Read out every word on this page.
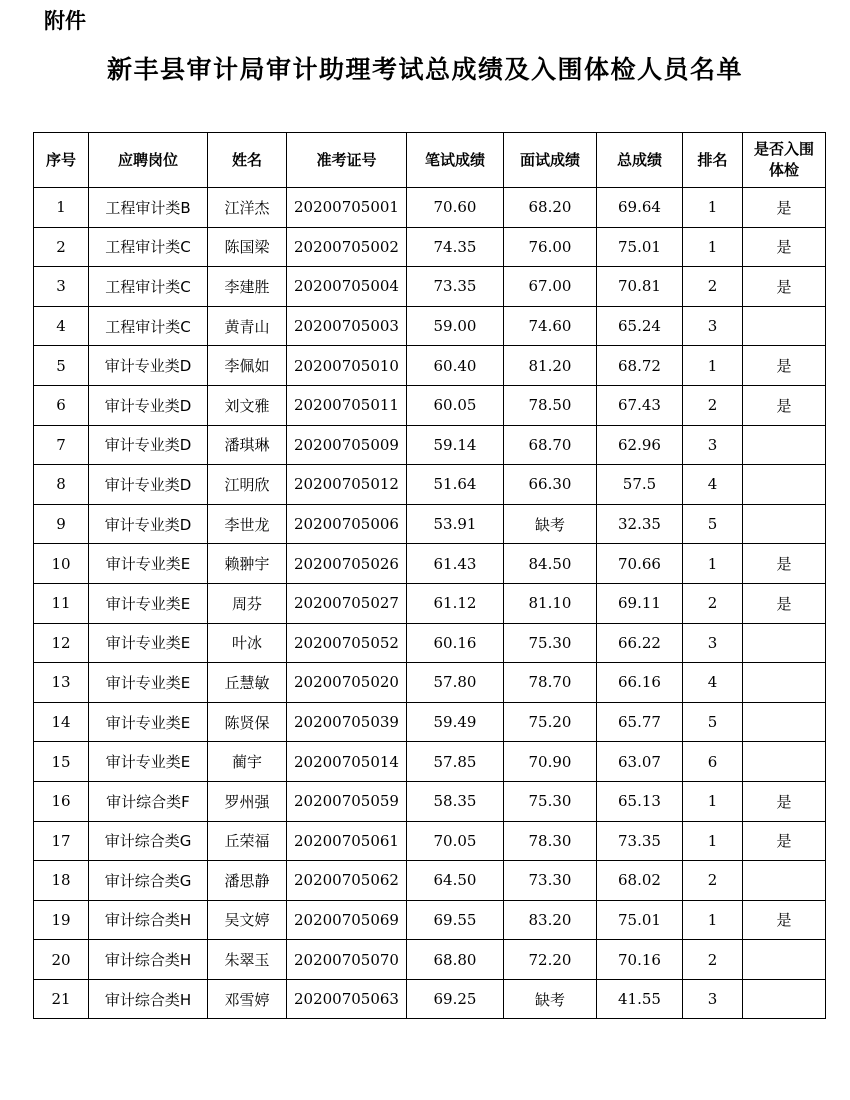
附件
新丰县审计局审计助理考试总成绩及入围体检人员名单
序号	应聘岗位	姓名	准考证号	笔试成绩	面试成绩	总成绩	排名	是否入围体检
1	工程审计类B	江洋杰	20200705001	70.60	68.20	69.64	1	是
2	工程审计类C	陈国梁	20200705002	74.35	76.00	75.01	1	是
3	工程审计类C	李建胜	20200705004	73.35	67.00	70.81	2	是
4	工程审计类C	黄青山	20200705003	59.00	74.60	65.24	3	
5	审计专业类D	李佩如	20200705010	60.40	81.20	68.72	1	是
6	审计专业类D	刘文雅	20200705011	60.05	78.50	67.43	2	是
7	审计专业类D	潘琪琳	20200705009	59.14	68.70	62.96	3	
8	审计专业类D	江明欣	20200705012	51.64	66.30	57.5	4	
9	审计专业类D	李世龙	20200705006	53.91	缺考	32.35	5	
10	审计专业类E	赖翀宇	20200705026	61.43	84.50	70.66	1	是
11	审计专业类E	周芬	20200705027	61.12	81.10	69.11	2	是
12	审计专业类E	叶冰	20200705052	60.16	75.30	66.22	3	
13	审计专业类E	丘慧敏	20200705020	57.80	78.70	66.16	4	
14	审计专业类E	陈贤保	20200705039	59.49	75.20	65.77	5	
15	审计专业类E	蔺宇	20200705014	57.85	70.90	63.07	6	
16	审计综合类F	罗州强	20200705059	58.35	75.30	65.13	1	是
17	审计综合类G	丘荣福	20200705061	70.05	78.30	73.35	1	是
18	审计综合类G	潘思静	20200705062	64.50	73.30	68.02	2	
19	审计综合类H	吴文婷	20200705069	69.55	83.20	75.01	1	是
20	审计综合类H	朱翠玉	20200705070	68.80	72.20	70.16	2	
21	审计综合类H	邓雪婷	20200705063	69.25	缺考	41.55	3	
